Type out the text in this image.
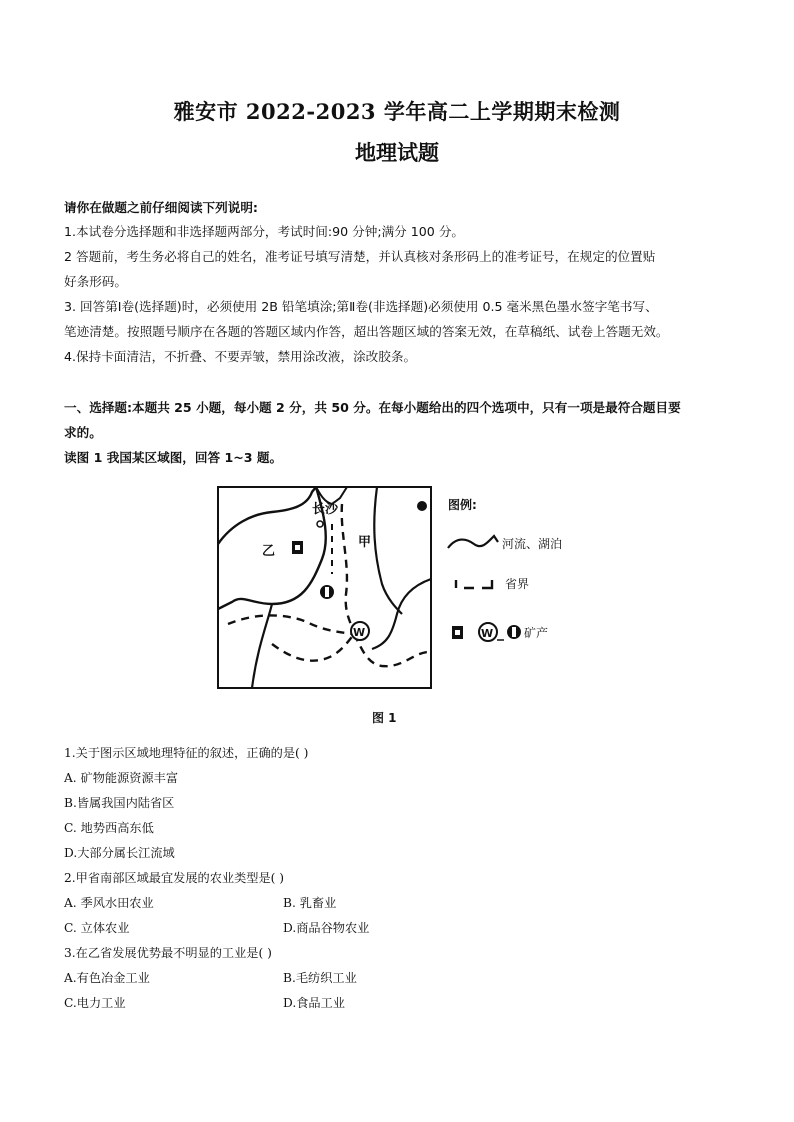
雅安市 2022-2023 学年高二上学期期末检测
地理试题
请你在做题之前仔细阅读下列说明:
1.本试卷分选择题和非选择题两部分，考试时间:90 分钟;满分 100 分。
2 答题前，考生务必将自己的姓名，准考证号填写清楚，并认真核对条形码上的准考证号，在规定的位置贴
好条形码。
3. 回答第Ⅰ卷(选择题)时，必须使用 2B 铅笔填涂;第Ⅱ卷(非选择题)必须使用 0.5 毫米黑色墨水签字笔书写、
笔迹清楚。按照题号顺序在各题的答题区域内作答，超出答题区域的答案无效，在草稿纸、试卷上答题无效。
4.保持卡面清洁，不折叠、不要弄皱，禁用涂改液，涂改胶条。
一、选择题:本题共 25 小题，每小题 2 分，共 50 分。在每小题给出的四个选项中，只有一项是最符合题目要
求的。
读图 1 我国某区域图，回答 1~3 题。
长沙
甲
乙
W
图例:
河流、湖泊
省界
W	矿产
图 1
1.关于图示区域地理特征的叙述，正确的是( )
A. 矿物能源资源丰富
B.皆属我国内陆省区
C. 地势西高东低
D.大部分属长江流域
2.甲省南部区域最宜发展的农业类型是( )
A. 季风水田农业	B. 乳畜业
C. 立体农业	D.商品谷物农业
3.在乙省发展优势最不明显的工业是( )
A.有色冶金工业	B.毛纺织工业
C.电力工业	D.食品工业
